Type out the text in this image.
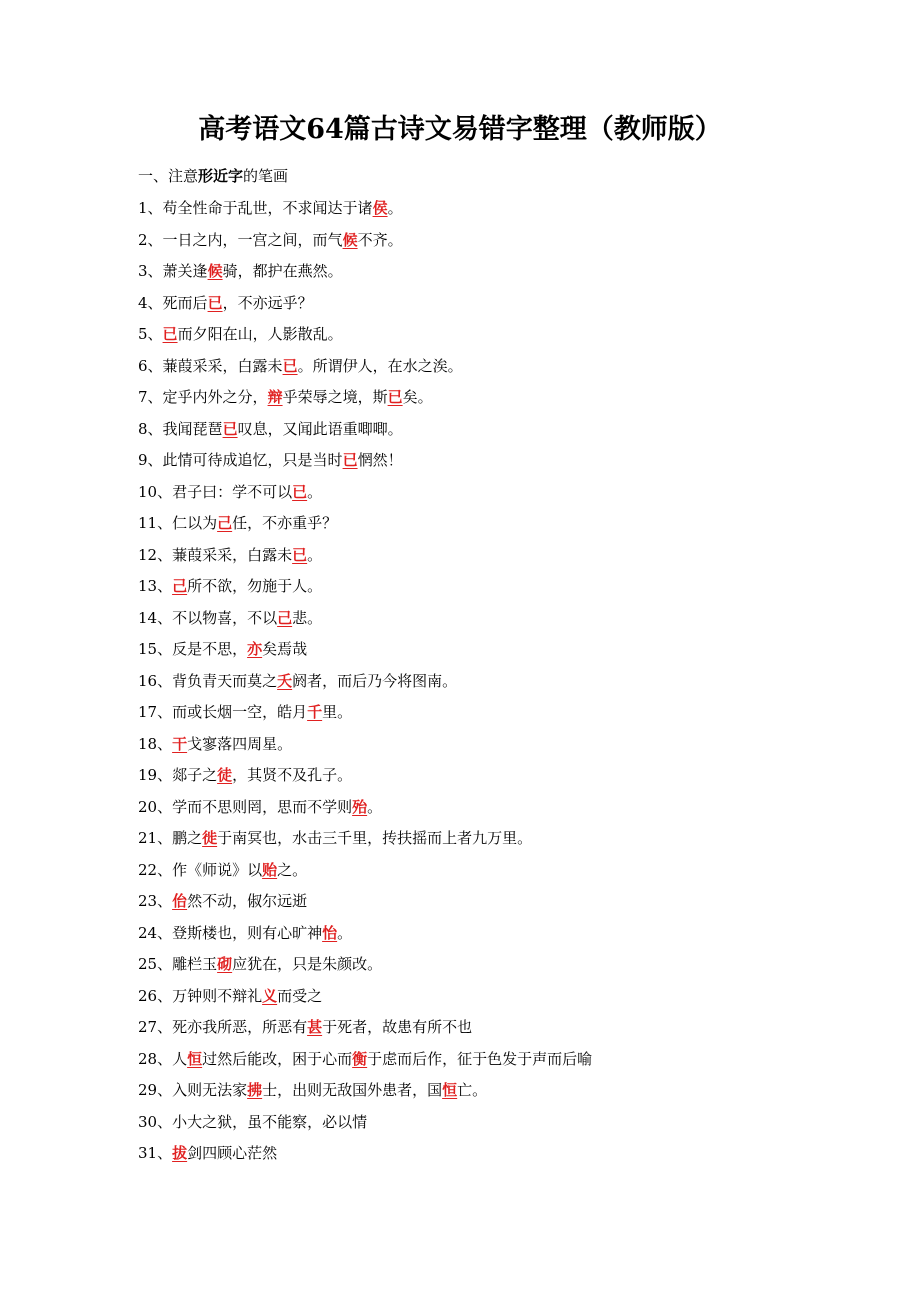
高考语文64篇古诗文易错字整理（教师版）
一、注意形近字的笔画
1、苟全性命于乱世，不求闻达于诸侯。
2、一日之内，一宫之间，而气候不齐。
3、萧关逢候骑，都护在燕然。
4、死而后已，不亦远乎？
5、已而夕阳在山，人影散乱。
6、蒹葭采采，白露未已。所谓伊人，在水之涘。
7、定乎内外之分，辩乎荣辱之境，斯已矣。
8、我闻琵琶已叹息，又闻此语重唧唧。
9、此情可待成追忆，只是当时已惘然！
10、君子曰：学不可以已。
11、仁以为己任，不亦重乎？
12、蒹葭采采，白露未已。
13、己所不欲，勿施于人。
14、不以物喜，不以己悲。
15、反是不思，亦矣焉哉
16、背负青天而莫之夭阏者，而后乃今将图南。
17、而或长烟一空，皓月千里。
18、干戈寥落四周星。
19、郯子之徒，其贤不及孔子。
20、学而不思则罔，思而不学则殆。
21、鹏之徙于南冥也，水击三千里，抟扶摇而上者九万里。
22、作《师说》以贻之。
23、佁然不动，俶尔远逝
24、登斯楼也，则有心旷神怡。
25、雕栏玉砌应犹在，只是朱颜改。
26、万钟则不辩礼义而受之
27、死亦我所恶，所恶有甚于死者，故患有所不也
28、人恒过然后能改，困于心而衡于虑而后作，征于色发于声而后喻
29、入则无法家拂士，出则无敌国外患者，国恒亡。
30、小大之狱，虽不能察，必以情
31、拔剑四顾心茫然
